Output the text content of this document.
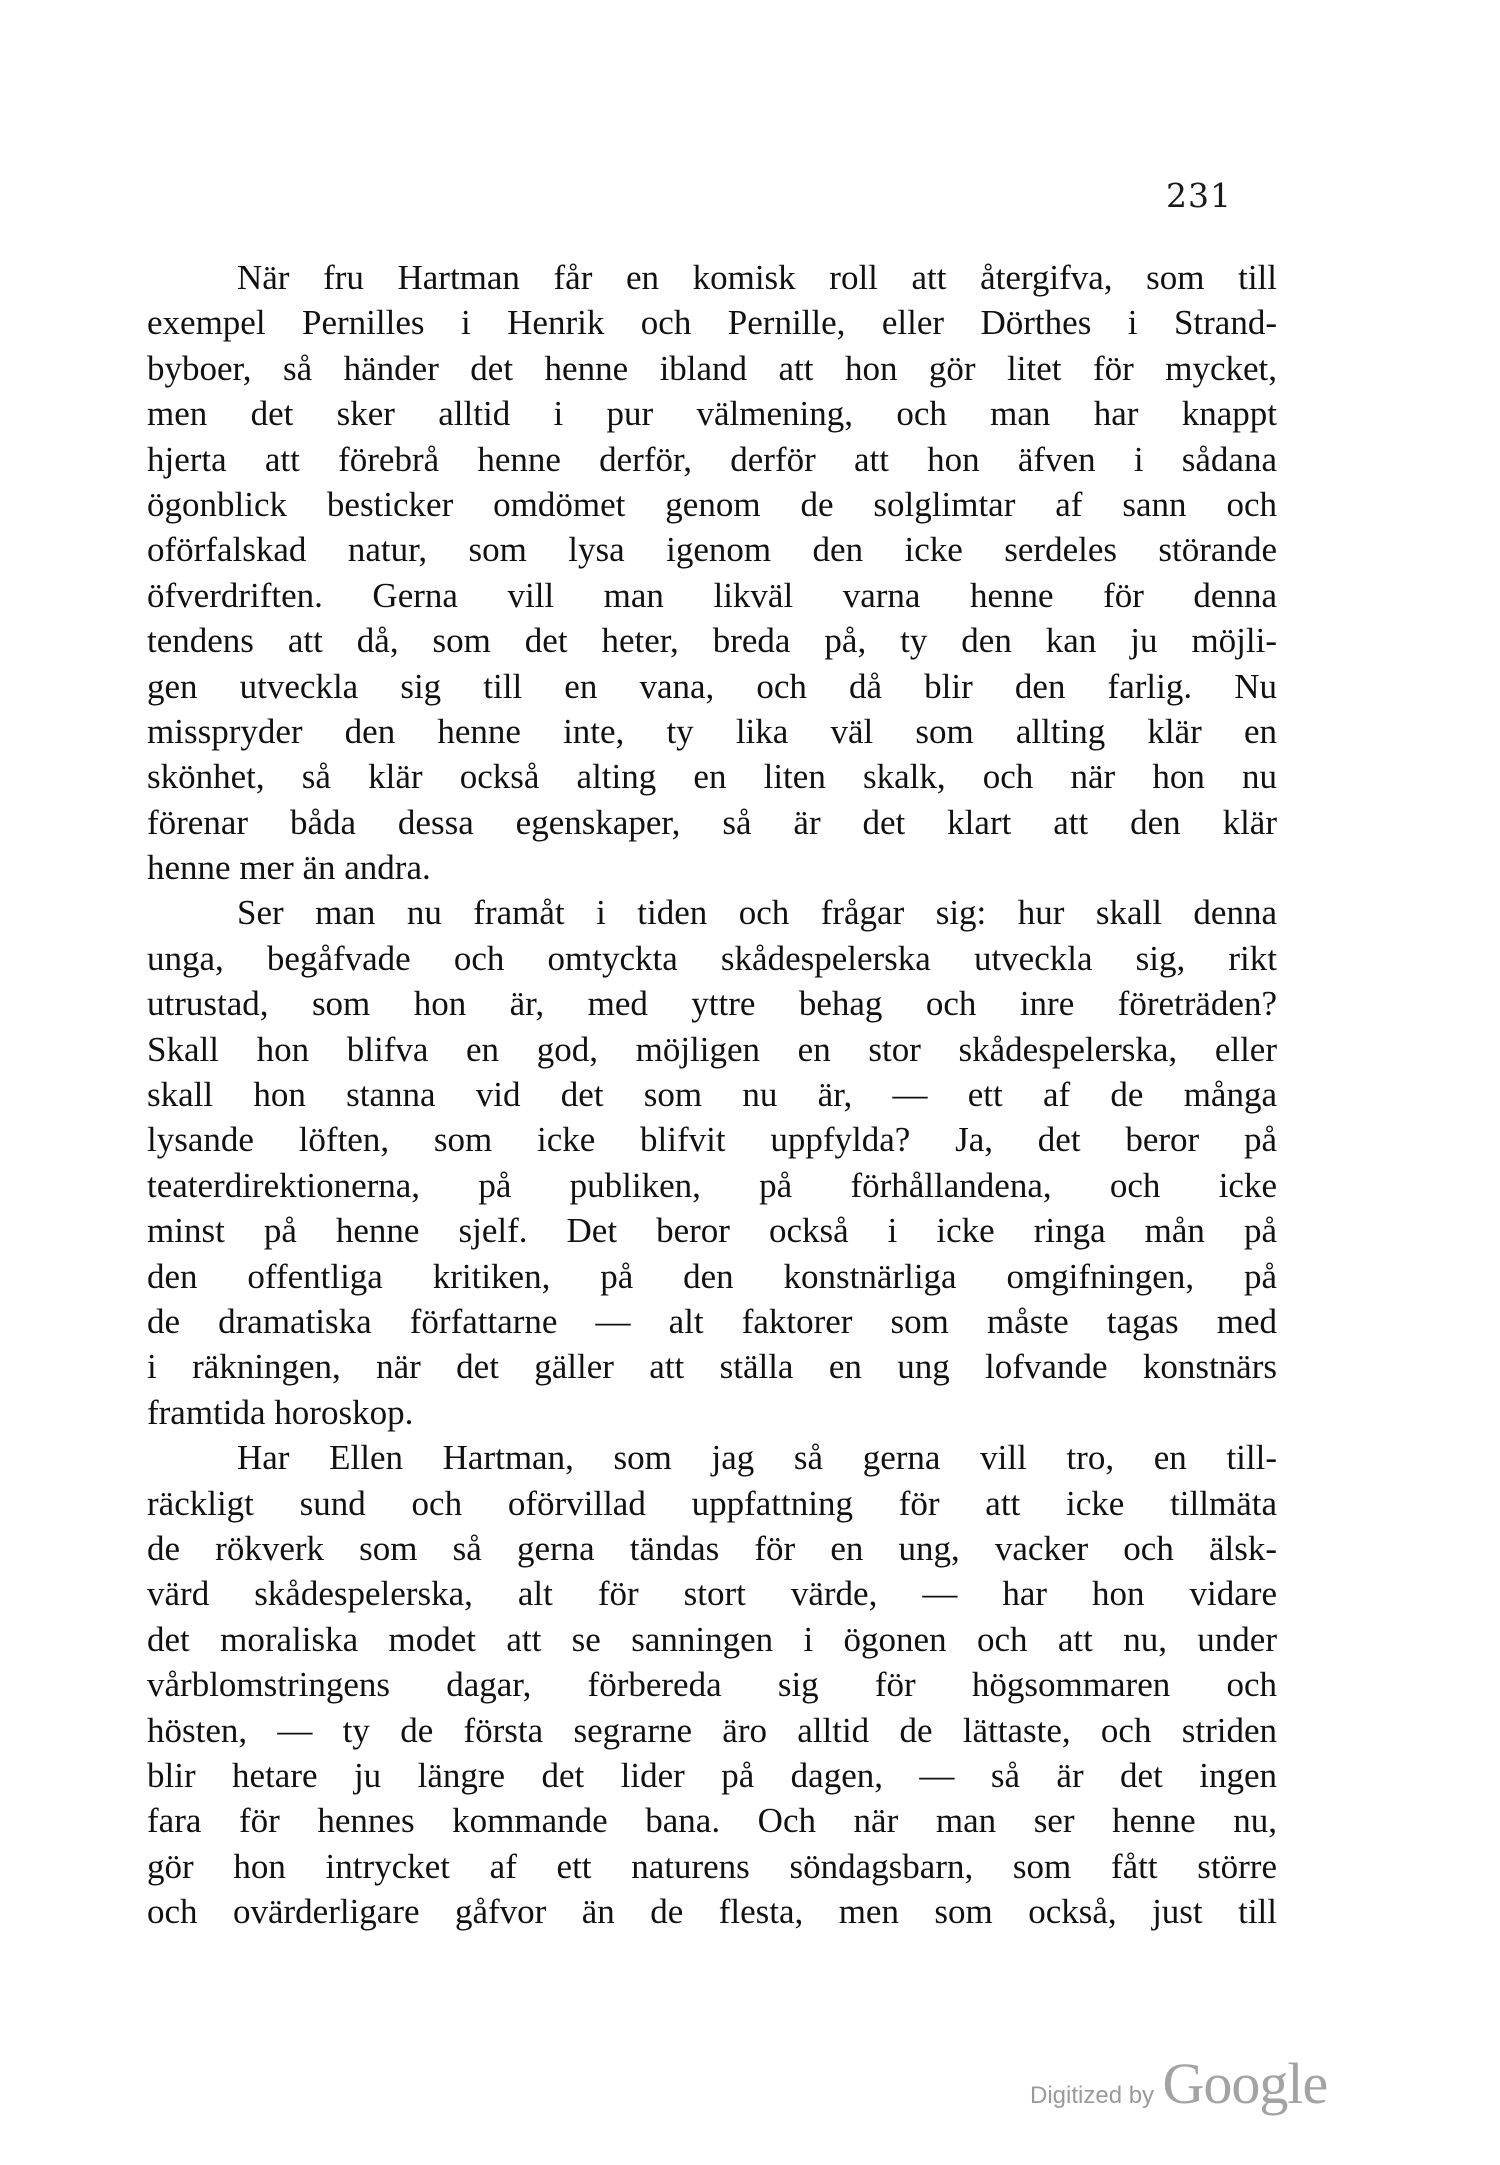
231
När fru Hartman får en komisk roll att återgifva, som till
exempel Pernilles i Henrik och Pernille, eller Dörthes i Strand-
byboer, så händer det henne ibland att hon gör litet för mycket,
men det sker alltid i pur välmening, och man har knappt
hjerta att förebrå henne derför, derför att hon äfven i sådana
ögonblick besticker omdömet genom de solglimtar af sann och
oförfalskad natur, som lysa igenom den icke serdeles störande
öfverdriften. Gerna vill man likväl varna henne för denna
tendens att då, som det heter, breda på, ty den kan ju möjli-
gen utveckla sig till en vana, och då blir den farlig. Nu
misspryder den henne inte, ty lika väl som allting klär en
skönhet, så klär också alting en liten skalk, och när hon nu
förenar båda dessa egenskaper, så är det klart att den klär
henne mer än andra.
Ser man nu framåt i tiden och frågar sig: hur skall denna
unga, begåfvade och omtyckta skådespelerska utveckla sig, rikt
utrustad, som hon är, med yttre behag och inre företräden?
Skall hon blifva en god, möjligen en stor skådespelerska, eller
skall hon stanna vid det som nu är, — ett af de många
lysande löften, som icke blifvit uppfylda? Ja, det beror på
teaterdirektionerna, på publiken, på förhållandena, och icke
minst på henne sjelf. Det beror också i icke ringa mån på
den offentliga kritiken, på den konstnärliga omgifningen, på
de dramatiska författarne — alt faktorer som måste tagas med
i räkningen, när det gäller att ställa en ung lofvande konstnärs
framtida horoskop.
Har Ellen Hartman, som jag så gerna vill tro, en till-
räckligt sund och oförvillad uppfattning för att icke tillmäta
de rökverk som så gerna tändas för en ung, vacker och älsk-
värd skådespelerska, alt för stort värde, — har hon vidare
det moraliska modet att se sanningen i ögonen och att nu, under
vårblomstringens dagar, förbereda sig för högsommaren och
hösten, — ty de första segrarne äro alltid de lättaste, och striden
blir hetare ju längre det lider på dagen, — så är det ingen
fara för hennes kommande bana. Och när man ser henne nu,
gör hon intrycket af ett naturens söndagsbarn, som fått större
och ovärderligare gåfvor än de flesta, men som också, just till
Digitized by Google
